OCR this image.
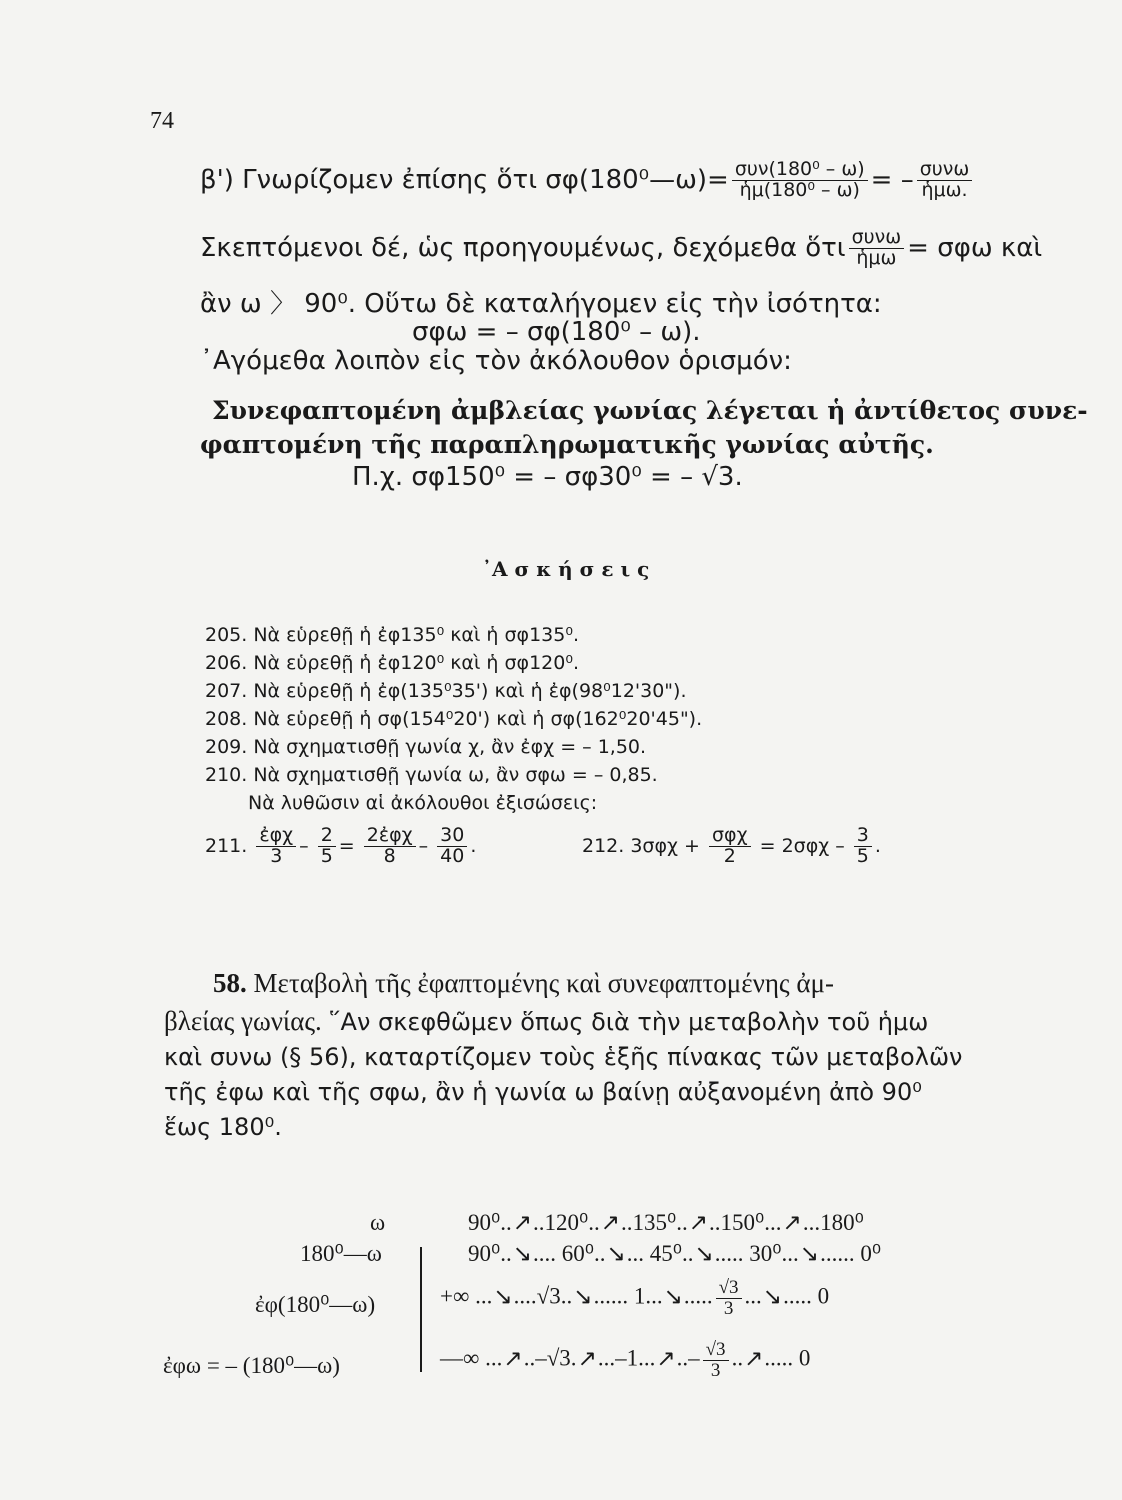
74
β') Γνωρίζομεν ἐπίσης ὅτι σφ(180⁰—ω)= $\frac{\text{συν(180⁰ – ω)}}{\text{ἡμ(180⁰ – ω)}}$ = – $\frac{\text{συνω}}{\text{ἡμω.}}$
Σκεπτόμενοι δέ, ὡς προηγουμένως, δεχόμεθα ὅτι $\frac{\text{συνω}}{\text{ἡμω}} = \sigma\varphi\omega$ καὶ
ἂν ω 〉 90⁰. Οὕτω δὲ καταλήγομεν εἰς τὴν ἰσότητα:
σφω = – σφ(180⁰ – ω).
᾿Αγόμεθα λοιπὸν εἰς τὸν ἀκόλουθον ὁρισμόν:
Συνεφαπτομένη ἀμβλείας γωνίας λέγεται ἡ ἀντίθετος συνε-
φαπτομένη τῆς παραπληρωματικῆς γωνίας αὐτῆς.
Π.χ. σφ150⁰ = – σφ30⁰ = – √3.
᾿Α σ κ ή σ ε ι ς
205. Νὰ εὑρεθῇ ἡ ἐφ135⁰ καὶ ἡ σφ135⁰.
206. Νὰ εὑρεθῇ ἡ ἐφ120⁰ καὶ ἡ σφ120⁰.
207. Νὰ εὑρεθῇ ἡ ἐφ(135⁰35') καὶ ἡ ἐφ(98⁰12'30").
208. Νὰ εὑρεθῇ ἡ σφ(154⁰20') καὶ ἡ σφ(162⁰20'45").
209. Νὰ σχηματισθῇ γωνία χ, ἂν ἐφχ = – 1,50.
210. Νὰ σχηματισθῇ γωνία ω, ἂν σφω = – 0,85.
Νὰ λυθῶσιν αἱ ἀκόλουθοι ἐξισώσεις:
211. $\frac{\text{ἐφχ}}{3} - \frac{2}{5} = \frac{\text{2ἐφχ}}{8} - \frac{30}{40}$ .	212. $3\sigma\varphi\chi + \frac{\text{σφχ}}{2} = 2\sigma\varphi\chi - \frac{3}{5}$ .
58. Μεταβολὴ τῆς ἐφαπτομένης καὶ συνεφαπτομένης ἀμ-
βλείας γωνίας. ῞Αν σκεφθῶμεν ὅπως διὰ τὴν μεταβολὴν τοῦ ἡμω
καὶ συνω (§ 56), καταρτίζομεν τοὺς ἑξῆς πίνακας τῶν μεταβολῶν
τῆς ἐφω καὶ τῆς σφω, ἂν ἡ γωνία ω βαίνῃ αὐξανομένη ἀπὸ 90⁰
ἕως 180⁰.
ω
180⁰—ω
ἐφ(180⁰—ω)
ἐφω = – (180⁰—ω)
90⁰..↗..120⁰..↗..135⁰..↗..150⁰...↗...180⁰
90⁰..↘.... 60⁰..↘... 45⁰..↘..... 30⁰...↘...... 0⁰
+∞ ...↘....√3..↘...... 1...↘..... $\frac{√3}{3}$ ...↘..... 0
—∞ ...↗..–√3.↗...–1...↗..– $\frac{√3}{3}$ ..↗..... 0
